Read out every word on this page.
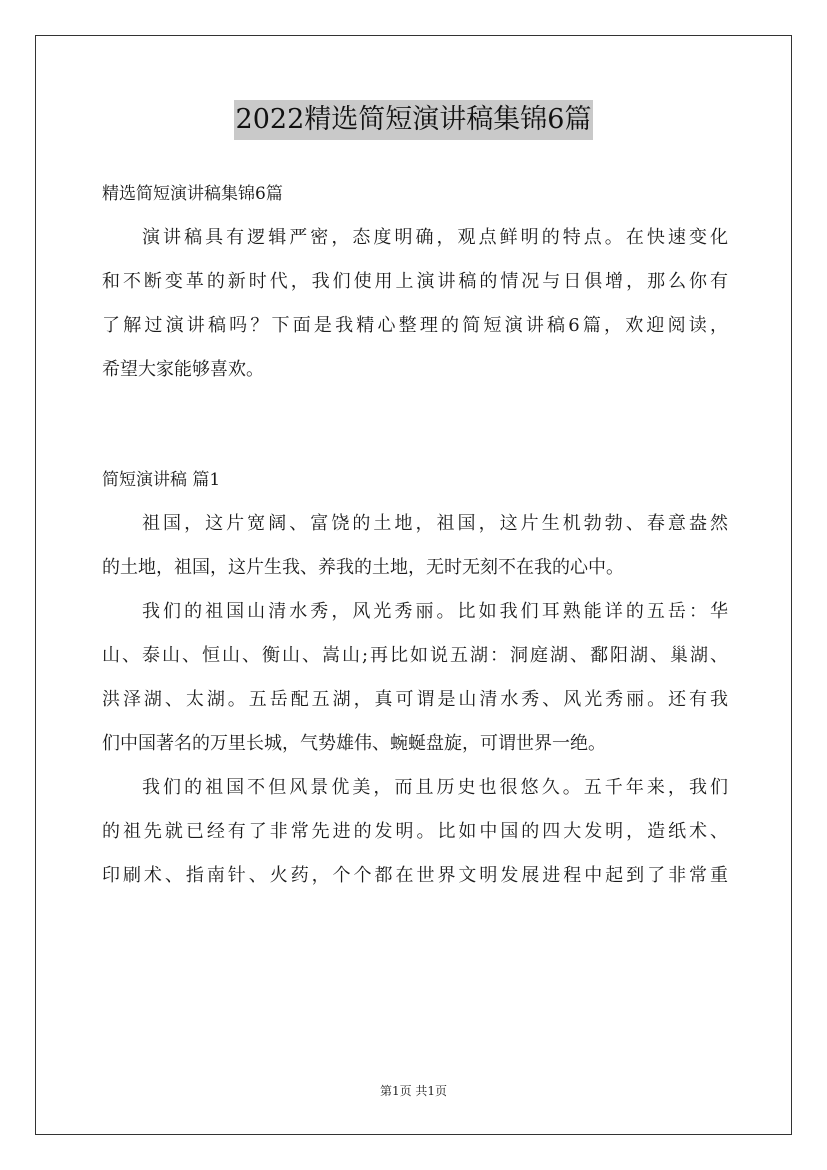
2022精选简短演讲稿集锦6篇
精选简短演讲稿集锦6篇
演讲稿具有逻辑严密，态度明确，观点鲜明的特点。在快速变化
和不断变革的新时代，我们使用上演讲稿的情况与日俱增，那么你有
了解过演讲稿吗？下面是我精心整理的简短演讲稿6篇，欢迎阅读，
希望大家能够喜欢。
简短演讲稿 篇1
祖国，这片宽阔、富饶的土地，祖国，这片生机勃勃、春意盎然
的土地，祖国，这片生我、养我的土地，无时无刻不在我的心中。
我们的祖国山清水秀，风光秀丽。比如我们耳熟能详的五岳：华
山、泰山、恒山、衡山、嵩山;再比如说五湖：洞庭湖、鄱阳湖、巢湖、
洪泽湖、太湖。五岳配五湖，真可谓是山清水秀、风光秀丽。还有我
们中国著名的万里长城，气势雄伟、蜿蜒盘旋，可谓世界一绝。
我们的祖国不但风景优美，而且历史也很悠久。五千年来，我们
的祖先就已经有了非常先进的发明。比如中国的四大发明，造纸术、
印刷术、指南针、火药，个个都在世界文明发展进程中起到了非常重
第1页 共1页
